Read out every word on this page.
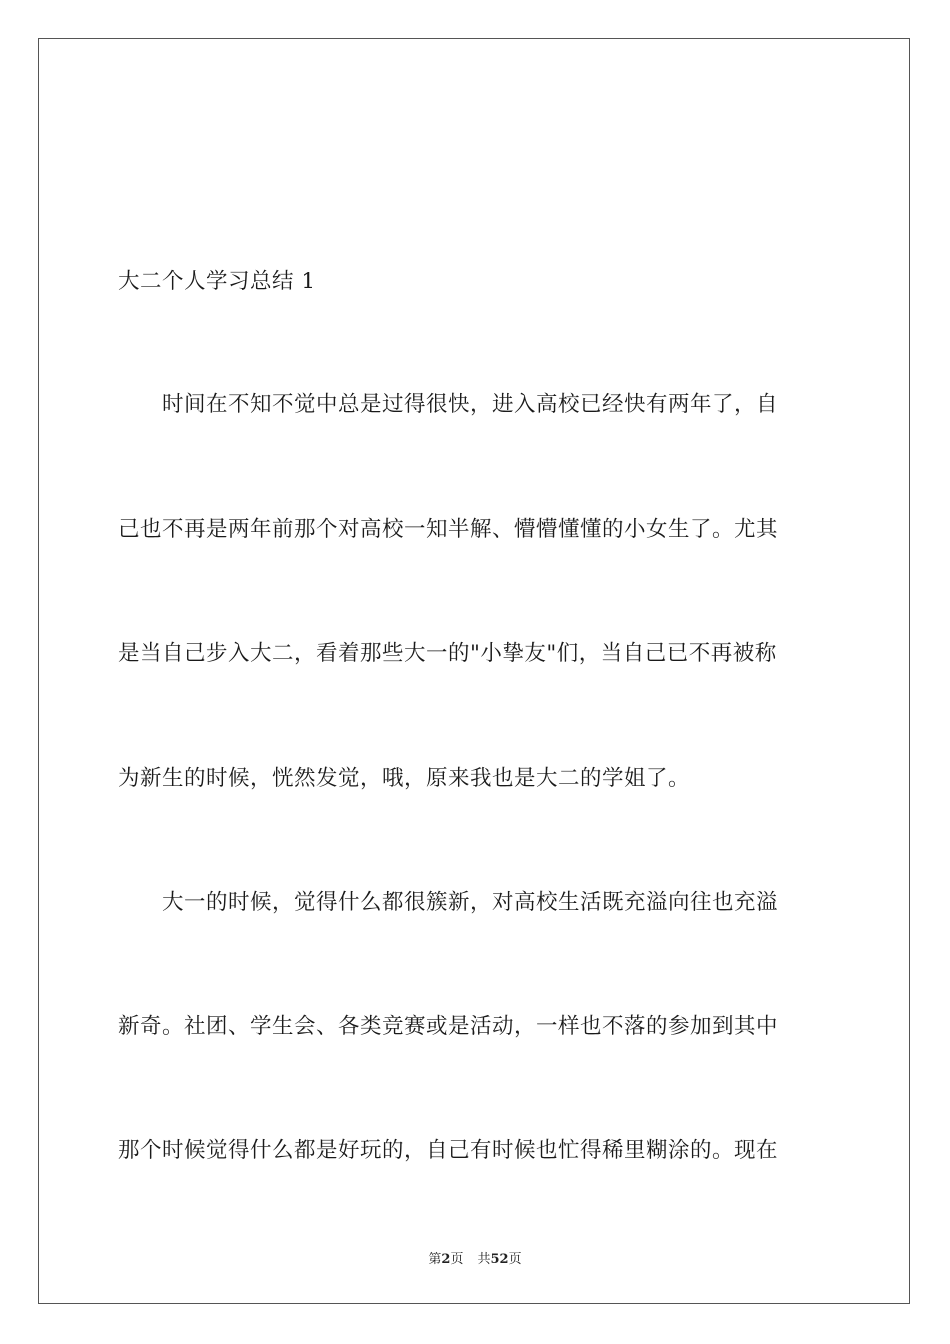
大二个人学习总结 1
　　时间在不知不觉中总是过得很快，进入高校已经快有两年了，自
己也不再是两年前那个对高校一知半解、懵懵懂懂的小女生了。尤其
是当自己步入大二，看着那些大一的"小挚友"们，当自己已不再被称
为新生的时候，恍然发觉，哦，原来我也是大二的学姐了。
　　大一的时候，觉得什么都很簇新，对高校生活既充溢向往也充溢
新奇。社团、学生会、各类竞赛或是活动，一样也不落的参加到其中
那个时候觉得什么都是好玩的，自己有时候也忙得稀里糊涂的。现在
第2页 共52页
